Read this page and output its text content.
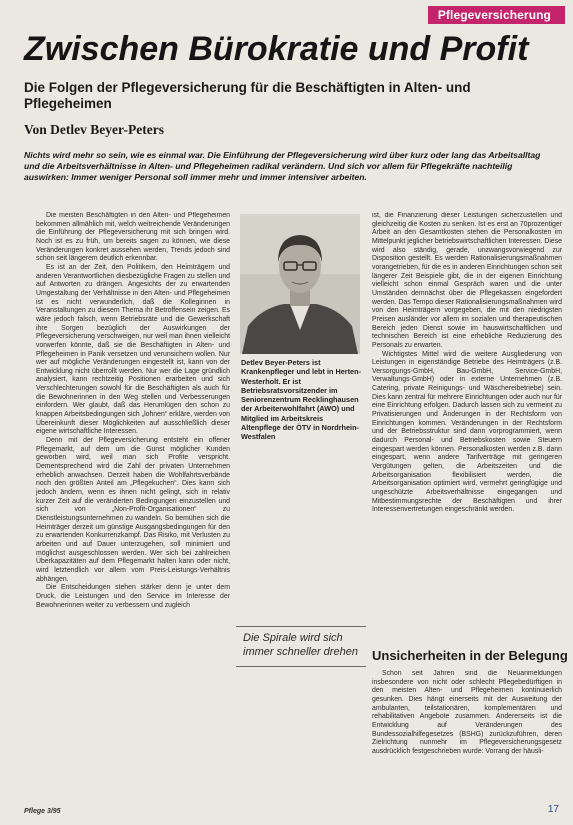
Pflegeversicherung
Zwischen Bürokratie und Profit
Die Folgen der Pflegeversicherung für die Beschäftigten in Alten- und Pflegeheimen
Von Detlev Beyer-Peters

Nichts wird mehr so sein, wie es einmal war. Die Einführung der Pflegeversicherung wird über kurz oder lang das Arbeitsalltag und die Arbeitsverhältnisse in Alten- und Pflegeheimen radikal verändern. Und sich vor allem für Pflegekräfte nachteilig auswirken: Immer weniger Personal soll immer mehr und immer intensiver arbeiten.

Die meisten Beschäftigten in den Alten- und Pflegeheimen bekommen allmählich mit, welch weitreichende Veränderungen die Einführung der Pflegeversicherung mit sich bringen wird. Noch ist es zu früh, um bereits sagen zu können, wie diese Veränderungen konkret aussehen werden, Trends jedoch sind schon seit längerem deutlich erkennbar.

Es ist an der Zeit, den Politikern, den Heimträgern und anderen Verantwortlichen diesbezügliche Fragen zu stellen und auf Antworten zu drängen. Angesichts der zu erwartenden Umgestaltung der Verhältnisse in den Alten- und Pflegeheimen ist es nicht verwunderlich, daß die Kolleginnen in Veranstaltungen zu diesem Thema ihr Betroffensein zeigen. Es wäre jedoch falsch, wenn Betriebsräte und die Gewerkschaft ihre Sorgen bezüglich der Auswirkungen der Pflegeversicherung verschweigen, nur weil man ihnen vielleicht vorwerfen könnte, daß sie die Beschäftigten in Alten- und Pflegeheimen in Panik versetzen und verunsichern wollen. Nur wer auf mögliche Veränderungen eingestellt ist, kann von der Entwicklung nicht überrollt werden. Nur wer die Lage gründlich analysiert, kann rechtzeitig Positionen erarbeiten und sich Verschlechterungen sowohl für die Beschäftigten als auch für die Bewohnerinnen in den Weg stellen und Verbesserungen einfordern. Wer glaubt, daß das Herumlügen den schon zu knappen Arbeitsbedingungen sich „lohnen“ erkläre, werden von Übereinkunft dieser Möglichkeiten auf ausschließlich dieser eigene wirtschaftliche Interessen.

Denn mit der Pflegeversicherung entsteht ein offener Pflegemarkt, auf dem um die Gunst möglicher Kunden geworben wird, weil man sich Profite verspricht. Dementsprechend wird die Zahl der privaten Unternehmen erheblich anwachsen. Derzeit haben die Wohlfahrtsverbände noch den größten Anteil am „Pflegekuchen“. Dies kann sich jedoch ändern, wenn es ihnen nicht gelingt, sich in relativ kurzer Zeit auf die veränderten Bedingungen einzustellen und sich von „Non-Profit-Organisationen“ zu Dienstleistungsunternehmen zu wandeln. So bemühen sich die Heimträger derzeit um günstige Ausgangsbedingungen für den zu erwartenden Konkurrenzkampf. Das Risiko, mit Verlusten zu arbeiten und auf Dauer unterzugehen, soll minimiert und möglichst ausgeschlossen werden. Wer sich bei zahlreichen Überkapazitäten auf dem Pflegemarkt halten kann oder nicht, wird letztendlich vor allem vom Preis-Leistungs-Verhältnis abhängen.

Die Entscheidungen stehen stärker denn je unter dem Druck, die Leistungen und den Service im Interesse der Bewohnerinnen weiter zu verbessern und zugleich

Detlev Beyer-Peters ist Krankenpfleger und lebt in Herten-Westerholt. Er ist Betriebsratsvorsitzender im Seniorenzentrum Recklinghausen der Arbeiterwohlfahrt (AWO) und Mitglied im Arbeitskreis Altenpflege der ÖTV in Nordrhein-Westfalen

Die Spirale wird sich immer schneller drehen

ist, die Finanzierung dieser Leistungen sicherzustellen und gleichzeitig die Kosten zu senken. Ist es erst an 70prozentiger Arbeit an den Gesamtkosten stehen die Personalkosten im Mittelpunkt jeglicher betriebswirtschaftlichen Interessen. Diese wird also ständig, gerade, unzwangsvorwiegend zur Disposition gestellt. Es werden Rationalisierungsmaßnahmen vorangetrieben, für die es in anderen Einrichtungen schon seit längerer Zeit Beispiele gibt, die in der eigenen Einrichtung vielleicht schon einmal Gespräch waren und die unter Umständen demnächst über die Pflegekassen eingefordert werden. Das Tempo dieser Rationalisierungsmaßnahmen wird von den Heimträgern vorgegeben, die mit den niedrigsten Preisen ausländer vor allem im sozialen und therapeutischen Bereich jeden Dienst sowie im hauswirtschaftlichen und technischen Bereich ist eine erhebliche Reduzierung des Personals zu erwarten.

Wichtigstes Mittel wird die weitere Ausgliederung von Leistungen in eigenständige Betriebe des Heimträgers (z.B. Versorgungs-GmbH, Bau-GmbH, Service-GmbH, Verwaltungs-GmbH) oder in externe Unternehmen (z.B. Catering, private Reinigungs- und Wäschereibetriebe) sein. Dies kann zentral für mehrere Einrichtungen oder auch nur für eine Einrichtung erfolgen. Dadurch lassen sich zu vermeint zu Privatisierungen und Änderungen in der Rechtsform von Einrichtungen kommen. Veränderungen in der Rechtsform und der Betriebsstruktur sind dann vorprogrammiert, wenn dadurch Personal- und Betriebskosten sowie Steuern eingespart werden können. Personalkosten werden z.B. dann eingespart, wenn andere Tarifverträge mit geringeren Vergütungen gelten, die Arbeitszeiten und die Arbeitsorganisation flexibilisiert werden, die Arbeitsorganisation optimiert wird, vermehrt geringfügige und ungeschützte Arbeitsverhältnisse eingegangen und Mitbestimmungsrechte der Beschäftigten und ihrer Interessenvertretungen eingeschränkt werden.

Unsicherheiten in der Belegung

Schon seit Jahren sind die Neuanmeldungen insbesondere von nicht oder schlecht Pflegebedürftigen in den meisten Alten- und Pflegeheimen kontinuierlich gesunken. Dies hängt einerseits mit der Ausweitung der ambulanten, teilstationären, komplementären und rehabilitativen Angebote zusammen. Andererseits ist die Entwicklung auf Veränderungen des Bundessozialhilfegesetzes (BSHG) zurückzuführen, deren Zielrichtung nunmehr im Pflegeversicherungsgesetz ausdrücklich festgeschrieben wurde: Vorrang der häusli-

Pflege 3/95	17
